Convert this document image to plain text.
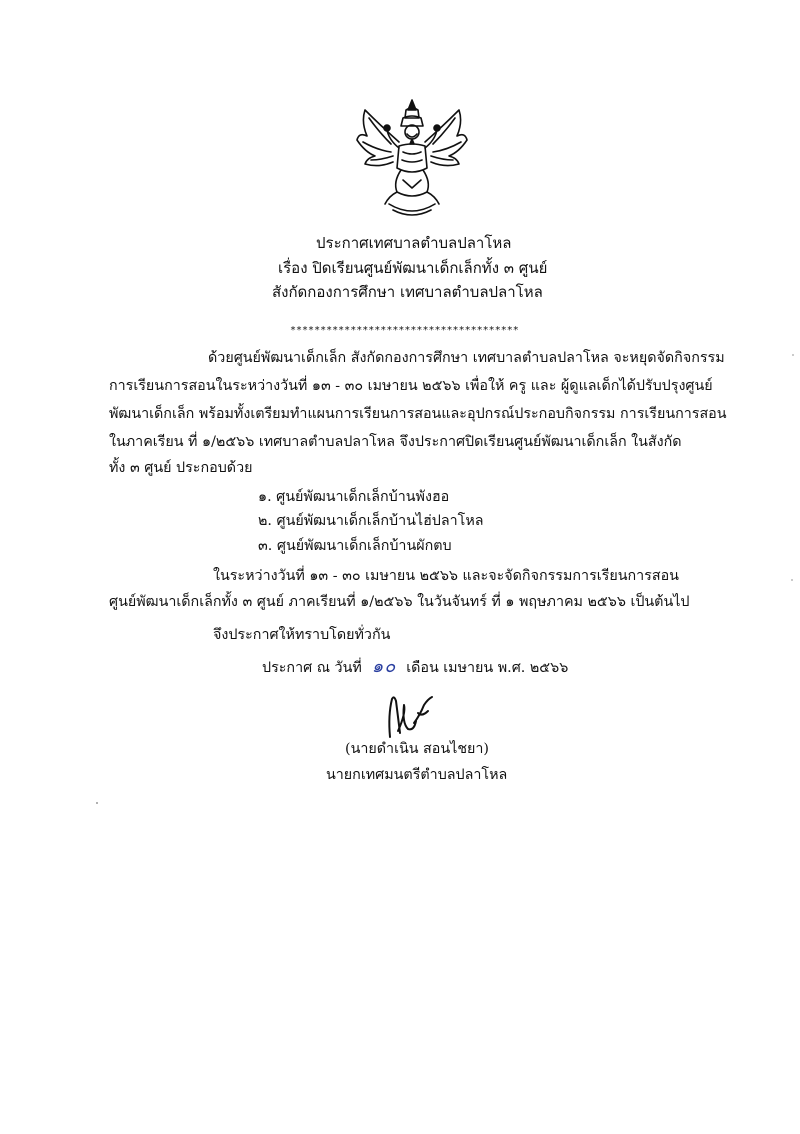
ประกาศเทศบาลตำบลปลาโหล
เรื่อง ปิดเรียนศูนย์พัฒนาเด็กเล็กทั้ง ๓ ศูนย์
สังกัดกองการศึกษา เทศบาลตำบลปลาโหล
**************************************
ด้วยศูนย์พัฒนาเด็กเล็ก สังกัดกองการศึกษา เทศบาลตำบลปลาโหล จะหยุดจัดกิจกรรม
การเรียนการสอนในระหว่างวันที่ ๑๓ - ๓๐ เมษายน ๒๕๖๖ เพื่อให้ ครู และ ผู้ดูแลเด็กได้ปรับปรุงศูนย์
พัฒนาเด็กเล็ก พร้อมทั้งเตรียมทำแผนการเรียนการสอนและอุปกรณ์ประกอบกิจกรรม การเรียนการสอน
ในภาคเรียน ที่ ๑/๒๕๖๖ เทศบาลตำบลปลาโหล จึงประกาศปิดเรียนศูนย์พัฒนาเด็กเล็ก ในสังกัด
ทั้ง ๓ ศูนย์ ประกอบด้วย
๑. ศูนย์พัฒนาเด็กเล็กบ้านพังฮอ
๒. ศูนย์พัฒนาเด็กเล็กบ้านไฮ่ปลาโหล
๓. ศูนย์พัฒนาเด็กเล็กบ้านผักตบ
ในระหว่างวันที่ ๑๓ - ๓๐ เมษายน ๒๕๖๖ และจะจัดกิจกรรมการเรียนการสอน
ศูนย์พัฒนาเด็กเล็กทั้ง ๓ ศูนย์ ภาคเรียนที่ ๑/๒๕๖๖ ในวันจันทร์ ที่ ๑ พฤษภาคม ๒๕๖๖ เป็นต้นไป
จึงประกาศให้ทราบโดยทั่วกัน
ประกาศ ณ วันที่ ๑๐ เดือน เมษายน พ.ศ. ๒๕๖๖
(นายดำเนิน สอนไชยา)
นายกเทศมนตรีตำบลปลาโหล
